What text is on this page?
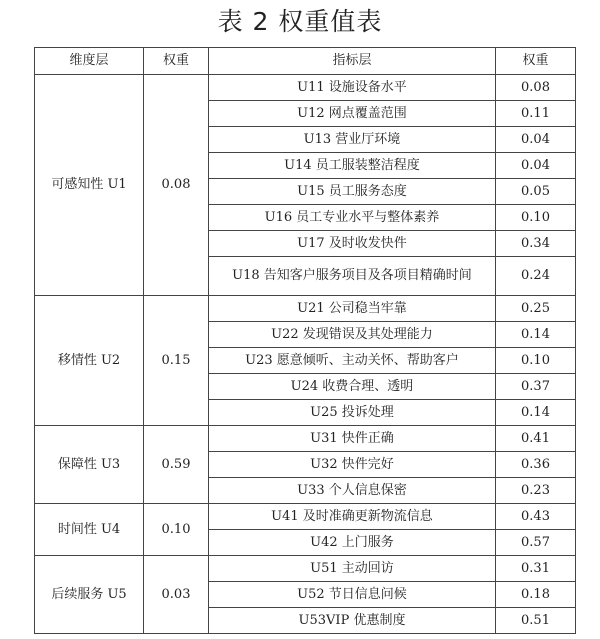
表 2 权重值表
维度层	权重	指标层	权重
可感知性 U1	0.08	U11 设施设备水平	0.08
		U12 网点覆盖范围	0.11
		U13 营业厅环境	0.04
		U14 员工服装整洁程度	0.04
		U15 员工服务态度	0.05
		U16 员工专业水平与整体素养	0.10
		U17 及时收发快件	0.34
		U18 告知客户服务项目及各项目精确时间	0.24
移情性 U2	0.15	U21 公司稳当牢靠	0.25
		U22 发现错误及其处理能力	0.14
		U23 愿意倾听、主动关怀、帮助客户	0.10
		U24 收费合理、透明	0.37
		U25 投诉处理	0.14
保障性 U3	0.59	U31 快件正确	0.41
		U32 快件完好	0.36
		U33 个人信息保密	0.23
时间性 U4	0.10	U41 及时准确更新物流信息	0.43
		U42 上门服务	0.57
后续服务 U5	0.03	U51 主动回访	0.31
		U52 节日信息问候	0.18
		U53VIP 优惠制度	0.51
